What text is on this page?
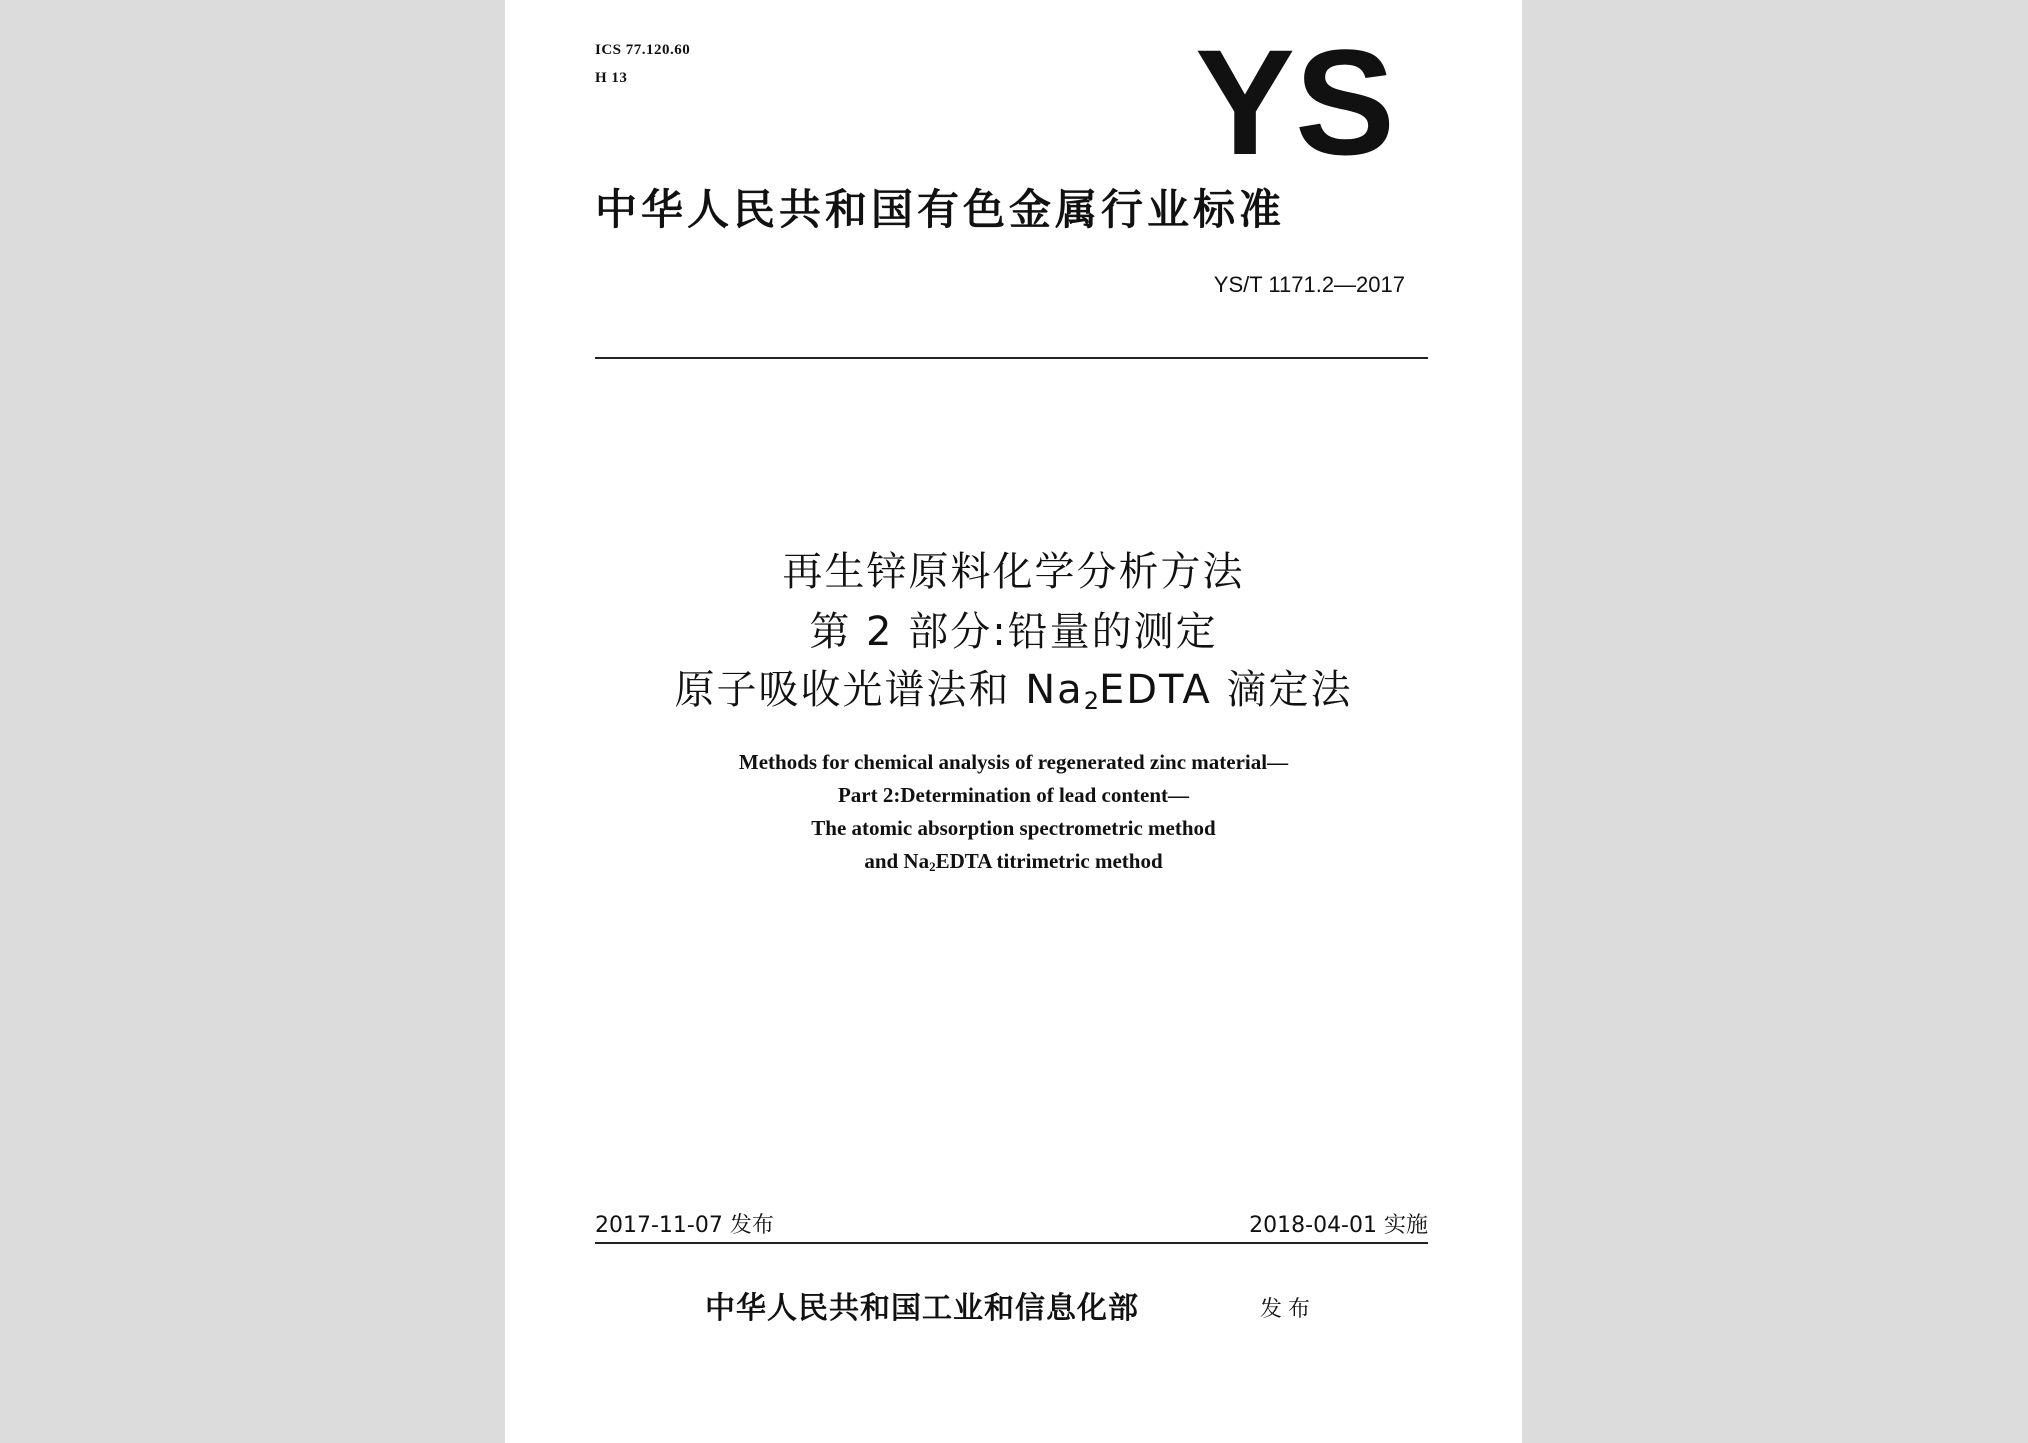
ICS 77.120.60
H 13	YS
中华人民共和国有色金属行业标准
YS/T 1171.2—2017
再生锌原料化学分析方法
第 2 部分:铅量的测定
原子吸收光谱法和 $Na_2EDTA$ 滴定法
Methods for chemical analysis of regenerated zinc material—
Part 2:Determination of lead content—
The atomic absorption spectrometric method
and $Na_2EDTA$ titrimetric method
2017-11-07 发布	2018-04-01 实施
中华人民共和国工业和信息化部	发布
